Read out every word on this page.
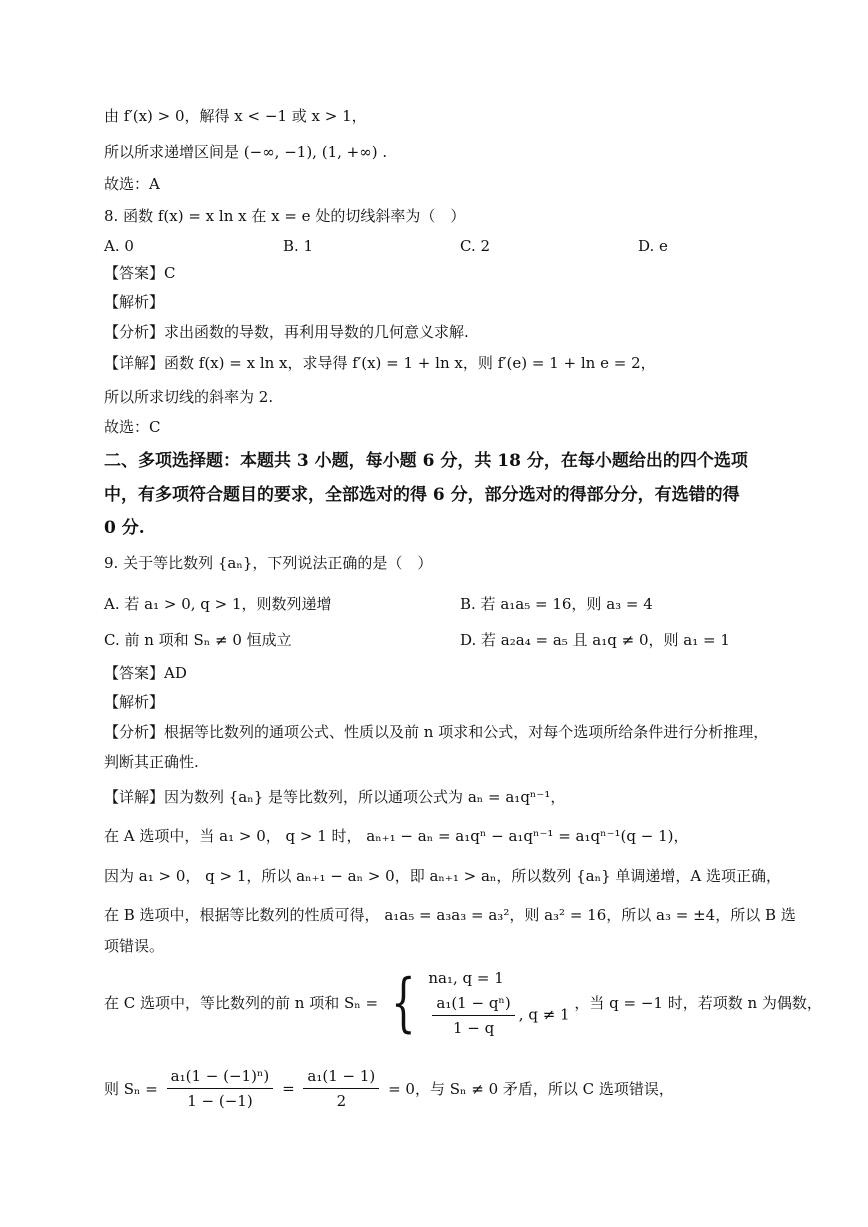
由 f′(x) > 0，解得 x < −1 或 x > 1，
所以所求递增区间是 (−∞, −1), (1, +∞) .
故选：A
8. 函数 f(x) = x ln x 在 x = e 处的切线斜率为（　）
A. 0	B. 1	C. 2	D. e
【答案】C
【解析】
【分析】求出函数的导数，再利用导数的几何意义求解.
【详解】函数 f(x) = x ln x，求导得 f′(x) = 1 + ln x，则 f′(e) = 1 + ln e = 2，
所以所求切线的斜率为 2.
故选：C
二、多项选择题：本题共 3 小题，每小题 6 分，共 18 分，在每小题给出的四个选项
中，有多项符合题目的要求，全部选对的得 6 分，部分选对的得部分分，有选错的得
0 分.
9. 关于等比数列 {aₙ}，下列说法正确的是（　）
A. 若 a₁ > 0, q > 1，则数列递增	B. 若 a₁a₅ = 16，则 a₃ = 4
C. 前 n 项和 Sₙ ≠ 0 恒成立	D. 若 a₂a₄ = a₅ 且 a₁q ≠ 0，则 a₁ = 1
【答案】AD
【解析】
【分析】根据等比数列的通项公式、性质以及前 n 项求和公式，对每个选项所给条件进行分析推理，
判断其正确性.
【详解】因为数列 {aₙ} 是等比数列，所以通项公式为 aₙ = a₁qⁿ⁻¹，
在 A 选项中，当 a₁ > 0， q > 1 时， aₙ₊₁ − aₙ = a₁qⁿ − a₁qⁿ⁻¹ = a₁qⁿ⁻¹(q − 1)，
因为 a₁ > 0， q > 1，所以 aₙ₊₁ − aₙ > 0，即 aₙ₊₁ > aₙ，所以数列 {aₙ} 单调递增，A 选项正确，
在 B 选项中，根据等比数列的性质可得， a₁a₅ = a₃a₃ = a₃²，则 a₃² = 16，所以 a₃ = ±4，所以 B 选
项错误。
在 C 选项中，等比数列的前 n 项和 Sₙ = { na₁, q = 1
$\frac{\text{a₁(1 − qⁿ)}}{1 - q}$ , q ≠ 1
，当 q = −1 时，若项数 n 为偶数，
则 $S_n = \frac{\text{a₁(1 − (−1)ⁿ)}}{1 - (-1)} = \frac{\text{a₁(1 − 1)}}{2} = 0$，与 Sₙ ≠ 0 矛盾，所以 C 选项错误，
